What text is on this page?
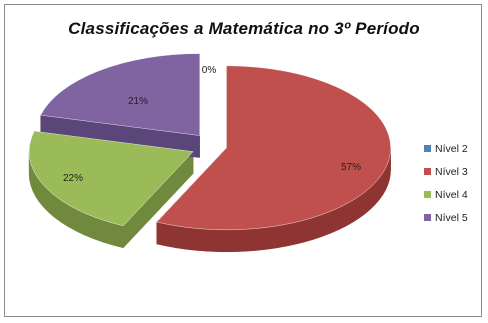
Classificações a Matemática no 3º Período
0%
57%
22%
21%
Nível 2
Nível 3
Nível 4
Nível 5
